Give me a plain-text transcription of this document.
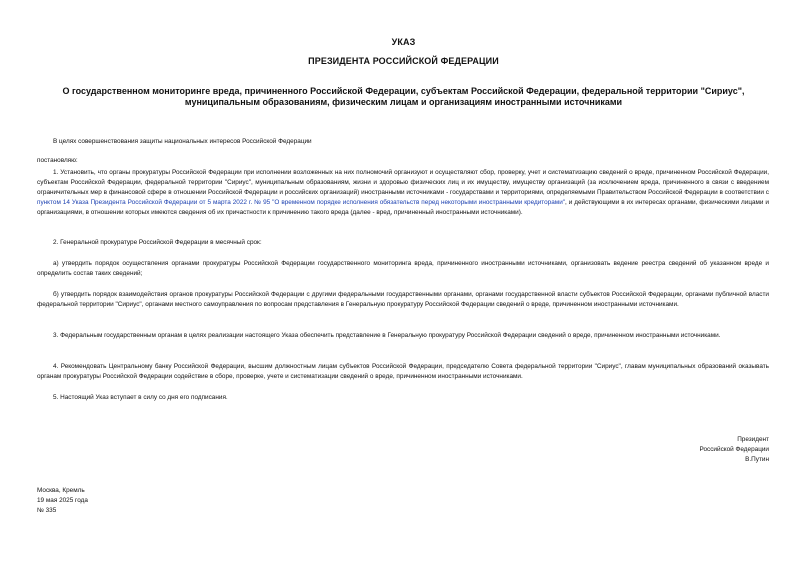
УКАЗ
ПРЕЗИДЕНТА РОССИЙСКОЙ ФЕДЕРАЦИИ
О государственном мониторинге вреда, причиненного Российской Федерации, субъектам Российской Федерации, федеральной территории "Сириус", муниципальным образованиям, физическим лицам и организациям иностранными источниками
В целях совершенствования защиты национальных интересов Российской Федерации
постановляю:
1. Установить, что органы прокуратуры Российской Федерации при исполнении возложенных на них полномочий организуют и осуществляют сбор, проверку, учет и систематизацию сведений о вреде, причиненном Российской Федерации, субъектам Российской Федерации, федеральной территории "Сириус", муниципальным образованиям, жизни и здоровью физических лиц и их имуществу, имуществу организаций (за исключением вреда, причиненного в связи с введением ограничительных мер в финансовой сфере в отношении Российской Федерации и российских организаций) иностранными источниками - государствами и территориями, определяемыми Правительством Российской Федерации в соответствии с пунктом 14 Указа Президента Российской Федерации от 5 марта 2022 г. № 95 "О временном порядке исполнения обязательств перед некоторыми иностранными кредиторами", и действующими в их интересах органами, физическими лицами и организациями, в отношении которых имеются сведения об их причастности к причинению такого вреда (далее - вред, причиненный иностранными источниками).
2. Генеральной прокуратуре Российской Федерации в месячный срок:
а) утвердить порядок осуществления органами прокуратуры Российской Федерации государственного мониторинга вреда, причиненного иностранными источниками, организовать ведение реестра сведений об указанном вреде и определить состав таких сведений;
б) утвердить порядок взаимодействия органов прокуратуры Российской Федерации с другими федеральными государственными органами, органами государственной власти субъектов Российской Федерации, органами публичной власти федеральной территории "Сириус", органами местного самоуправления по вопросам представления в Генеральную прокуратуру Российской Федерации сведений о вреде, причиненном иностранными источниками.
3. Федеральным государственным органам в целях реализации настоящего Указа обеспечить представление в Генеральную прокуратуру Российской Федерации сведений о вреде, причиненном иностранными источниками.
4. Рекомендовать Центральному банку Российской Федерации, высшим должностным лицам субъектов Российской Федерации, председателю Совета федеральной территории "Сириус", главам муниципальных образований оказывать органам прокуратуры Российской Федерации содействие в сборе, проверке, учете и систематизации сведений о вреде, причиненном иностранными источниками.
5. Настоящий Указ вступает в силу со дня его подписания.
Президент
Российской Федерации
В.Путин
Москва, Кремль
19 мая 2025 года
№ 335
